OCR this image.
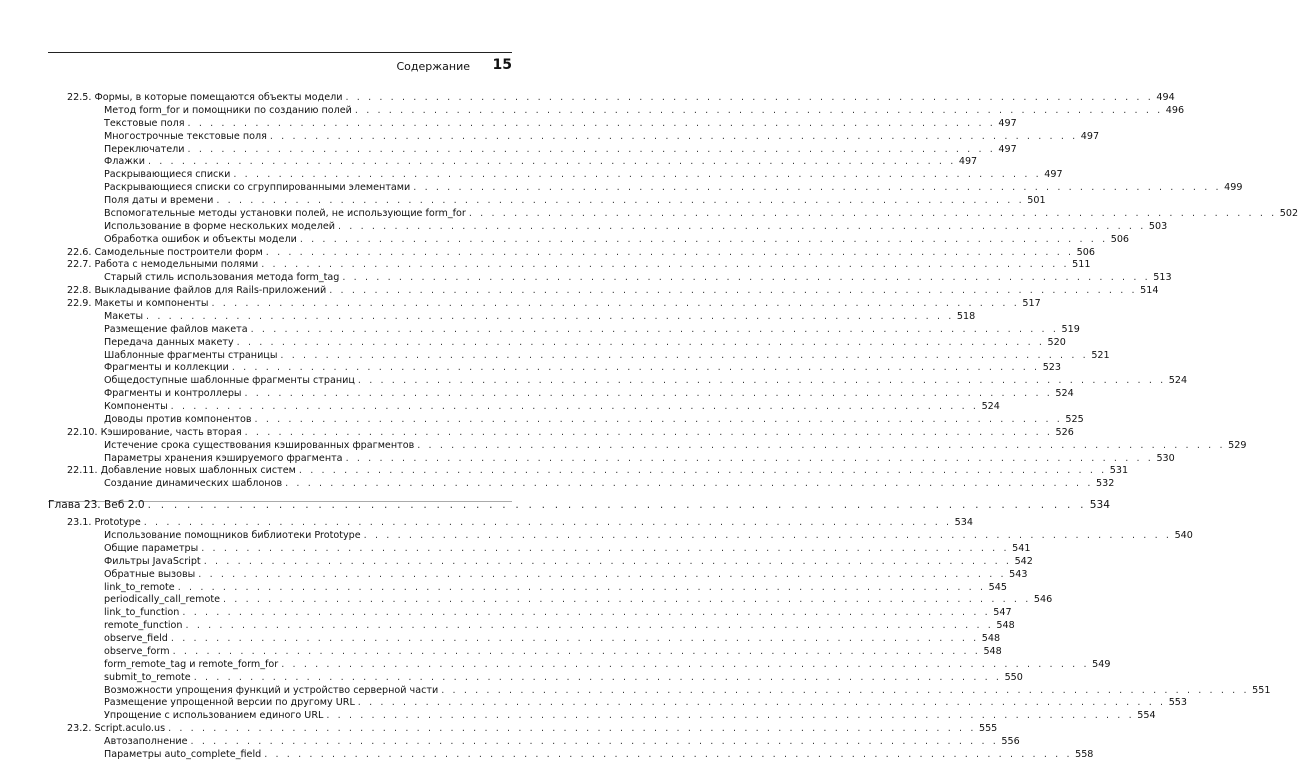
Содержание 15
22.5. Формы, в которые помещаются объекты модели . . . . . . . . . . . . . . . . . . . . . . . . . . . . . . . . . . . . . . . . . . . . . . . . . . . . . . . . . . . . . . . . . . . . . . . . 494
Метод form_for и помощники по созданию полей . . . . . . . . . . . . . . . . . . . . . . . . . . . . . . . . . . . . . . . . . . . . . . . . . . . . . . . . . . . . . . . . . . . . . . . . 496
Текстовые поля . . . . . . . . . . . . . . . . . . . . . . . . . . . . . . . . . . . . . . . . . . . . . . . . . . . . . . . . . . . . . . . . . . . . . . . . 497
Многострочные текстовые поля . . . . . . . . . . . . . . . . . . . . . . . . . . . . . . . . . . . . . . . . . . . . . . . . . . . . . . . . . . . . . . . . . . . . . . . . 497
Переключатели . . . . . . . . . . . . . . . . . . . . . . . . . . . . . . . . . . . . . . . . . . . . . . . . . . . . . . . . . . . . . . . . . . . . . . . . 497
Флажки . . . . . . . . . . . . . . . . . . . . . . . . . . . . . . . . . . . . . . . . . . . . . . . . . . . . . . . . . . . . . . . . . . . . . . . . 497
Раскрывающиеся списки . . . . . . . . . . . . . . . . . . . . . . . . . . . . . . . . . . . . . . . . . . . . . . . . . . . . . . . . . . . . . . . . . . . . . . . . 497
Раскрывающиеся списки со сгруппированными элементами . . . . . . . . . . . . . . . . . . . . . . . . . . . . . . . . . . . . . . . . . . . . . . . . . . . . . . . . . . . . . . . . . . . . . . . . 499
Поля даты и времени . . . . . . . . . . . . . . . . . . . . . . . . . . . . . . . . . . . . . . . . . . . . . . . . . . . . . . . . . . . . . . . . . . . . . . . . 501
Вспомогательные методы установки полей, не использующие form_for . . . . . . . . . . . . . . . . . . . . . . . . . . . . . . . . . . . . . . . . . . . . . . . . . . . . . . . . . . . . . . . . . . . . . . . . 502
Использование в форме нескольких моделей . . . . . . . . . . . . . . . . . . . . . . . . . . . . . . . . . . . . . . . . . . . . . . . . . . . . . . . . . . . . . . . . . . . . . . . . 503
Обработка ошибок и объекты модели . . . . . . . . . . . . . . . . . . . . . . . . . . . . . . . . . . . . . . . . . . . . . . . . . . . . . . . . . . . . . . . . . . . . . . . . 506
22.6. Самодельные построители форм . . . . . . . . . . . . . . . . . . . . . . . . . . . . . . . . . . . . . . . . . . . . . . . . . . . . . . . . . . . . . . . . . . . . . . . . 506
22.7. Работа с немодельными полями . . . . . . . . . . . . . . . . . . . . . . . . . . . . . . . . . . . . . . . . . . . . . . . . . . . . . . . . . . . . . . . . . . . . . . . . 511
Старый стиль использования метода form_tag . . . . . . . . . . . . . . . . . . . . . . . . . . . . . . . . . . . . . . . . . . . . . . . . . . . . . . . . . . . . . . . . . . . . . . . . 513
22.8. Выкладывание файлов для Rails-приложений . . . . . . . . . . . . . . . . . . . . . . . . . . . . . . . . . . . . . . . . . . . . . . . . . . . . . . . . . . . . . . . . . . . . . . . . 514
22.9. Макеты и компоненты . . . . . . . . . . . . . . . . . . . . . . . . . . . . . . . . . . . . . . . . . . . . . . . . . . . . . . . . . . . . . . . . . . . . . . . . 517
Макеты . . . . . . . . . . . . . . . . . . . . . . . . . . . . . . . . . . . . . . . . . . . . . . . . . . . . . . . . . . . . . . . . . . . . . . . . 518
Размещение файлов макета . . . . . . . . . . . . . . . . . . . . . . . . . . . . . . . . . . . . . . . . . . . . . . . . . . . . . . . . . . . . . . . . . . . . . . . . 519
Передача данных макету . . . . . . . . . . . . . . . . . . . . . . . . . . . . . . . . . . . . . . . . . . . . . . . . . . . . . . . . . . . . . . . . . . . . . . . . 520
Шаблонные фрагменты страницы . . . . . . . . . . . . . . . . . . . . . . . . . . . . . . . . . . . . . . . . . . . . . . . . . . . . . . . . . . . . . . . . . . . . . . . . 521
Фрагменты и коллекции . . . . . . . . . . . . . . . . . . . . . . . . . . . . . . . . . . . . . . . . . . . . . . . . . . . . . . . . . . . . . . . . . . . . . . . . 523
Общедоступные шаблонные фрагменты страниц . . . . . . . . . . . . . . . . . . . . . . . . . . . . . . . . . . . . . . . . . . . . . . . . . . . . . . . . . . . . . . . . . . . . . . . . 524
Фрагменты и контроллеры . . . . . . . . . . . . . . . . . . . . . . . . . . . . . . . . . . . . . . . . . . . . . . . . . . . . . . . . . . . . . . . . . . . . . . . . 524
Компоненты . . . . . . . . . . . . . . . . . . . . . . . . . . . . . . . . . . . . . . . . . . . . . . . . . . . . . . . . . . . . . . . . . . . . . . . . 524
Доводы против компонентов . . . . . . . . . . . . . . . . . . . . . . . . . . . . . . . . . . . . . . . . . . . . . . . . . . . . . . . . . . . . . . . . . . . . . . . . 525
22.10. Кэширование, часть вторая . . . . . . . . . . . . . . . . . . . . . . . . . . . . . . . . . . . . . . . . . . . . . . . . . . . . . . . . . . . . . . . . . . . . . . . . 526
Истечение срока существования кэшированных фрагментов . . . . . . . . . . . . . . . . . . . . . . . . . . . . . . . . . . . . . . . . . . . . . . . . . . . . . . . . . . . . . . . . . . . . . . . . 529
Параметры хранения кэшируемого фрагмента . . . . . . . . . . . . . . . . . . . . . . . . . . . . . . . . . . . . . . . . . . . . . . . . . . . . . . . . . . . . . . . . . . . . . . . . 530
22.11. Добавление новых шаблонных систем . . . . . . . . . . . . . . . . . . . . . . . . . . . . . . . . . . . . . . . . . . . . . . . . . . . . . . . . . . . . . . . . . . . . . . . . 531
Создание динамических шаблонов . . . . . . . . . . . . . . . . . . . . . . . . . . . . . . . . . . . . . . . . . . . . . . . . . . . . . . . . . . . . . . . . . . . . . . . . 532
Глава 23. Веб 2.0 . . . . . . . . . . . . . . . . . . . . . . . . . . . . . . . . . . . . . . . . . . . . . . . . . . . . . . . . . . . . . . . . . . . . . . . . 534
23.1. Prototype . . . . . . . . . . . . . . . . . . . . . . . . . . . . . . . . . . . . . . . . . . . . . . . . . . . . . . . . . . . . . . . . . . . . . . . . 534
Использование помощников библиотеки Prototype . . . . . . . . . . . . . . . . . . . . . . . . . . . . . . . . . . . . . . . . . . . . . . . . . . . . . . . . . . . . . . . . . . . . . . . . 540
Общие параметры . . . . . . . . . . . . . . . . . . . . . . . . . . . . . . . . . . . . . . . . . . . . . . . . . . . . . . . . . . . . . . . . . . . . . . . . 541
Фильтры JavaScript . . . . . . . . . . . . . . . . . . . . . . . . . . . . . . . . . . . . . . . . . . . . . . . . . . . . . . . . . . . . . . . . . . . . . . . . 542
Обратные вызовы . . . . . . . . . . . . . . . . . . . . . . . . . . . . . . . . . . . . . . . . . . . . . . . . . . . . . . . . . . . . . . . . . . . . . . . . 543
link_to_remote . . . . . . . . . . . . . . . . . . . . . . . . . . . . . . . . . . . . . . . . . . . . . . . . . . . . . . . . . . . . . . . . . . . . . . . . 545
periodically_call_remote . . . . . . . . . . . . . . . . . . . . . . . . . . . . . . . . . . . . . . . . . . . . . . . . . . . . . . . . . . . . . . . . . . . . . . . . 546
link_to_function . . . . . . . . . . . . . . . . . . . . . . . . . . . . . . . . . . . . . . . . . . . . . . . . . . . . . . . . . . . . . . . . . . . . . . . . 547
remote_function . . . . . . . . . . . . . . . . . . . . . . . . . . . . . . . . . . . . . . . . . . . . . . . . . . . . . . . . . . . . . . . . . . . . . . . . 548
observe_field . . . . . . . . . . . . . . . . . . . . . . . . . . . . . . . . . . . . . . . . . . . . . . . . . . . . . . . . . . . . . . . . . . . . . . . . 548
observe_form . . . . . . . . . . . . . . . . . . . . . . . . . . . . . . . . . . . . . . . . . . . . . . . . . . . . . . . . . . . . . . . . . . . . . . . . 548
form_remote_tag и remote_form_for . . . . . . . . . . . . . . . . . . . . . . . . . . . . . . . . . . . . . . . . . . . . . . . . . . . . . . . . . . . . . . . . . . . . . . . . 549
submit_to_remote . . . . . . . . . . . . . . . . . . . . . . . . . . . . . . . . . . . . . . . . . . . . . . . . . . . . . . . . . . . . . . . . . . . . . . . . 550
Возможности упрощения функций и устройство серверной части . . . . . . . . . . . . . . . . . . . . . . . . . . . . . . . . . . . . . . . . . . . . . . . . . . . . . . . . . . . . . . . . . . . . . . . . 551
Размещение упрощенной версии по другому URL . . . . . . . . . . . . . . . . . . . . . . . . . . . . . . . . . . . . . . . . . . . . . . . . . . . . . . . . . . . . . . . . . . . . . . . . 553
Упрощение с использованием единого URL . . . . . . . . . . . . . . . . . . . . . . . . . . . . . . . . . . . . . . . . . . . . . . . . . . . . . . . . . . . . . . . . . . . . . . . . 554
23.2. Script.aculo.us . . . . . . . . . . . . . . . . . . . . . . . . . . . . . . . . . . . . . . . . . . . . . . . . . . . . . . . . . . . . . . . . . . . . . . . . 555
Автозаполнение . . . . . . . . . . . . . . . . . . . . . . . . . . . . . . . . . . . . . . . . . . . . . . . . . . . . . . . . . . . . . . . . . . . . . . . . 556
Параметры auto_complete_field . . . . . . . . . . . . . . . . . . . . . . . . . . . . . . . . . . . . . . . . . . . . . . . . . . . . . . . . . . . . . . . . . . . . . . . . 558
